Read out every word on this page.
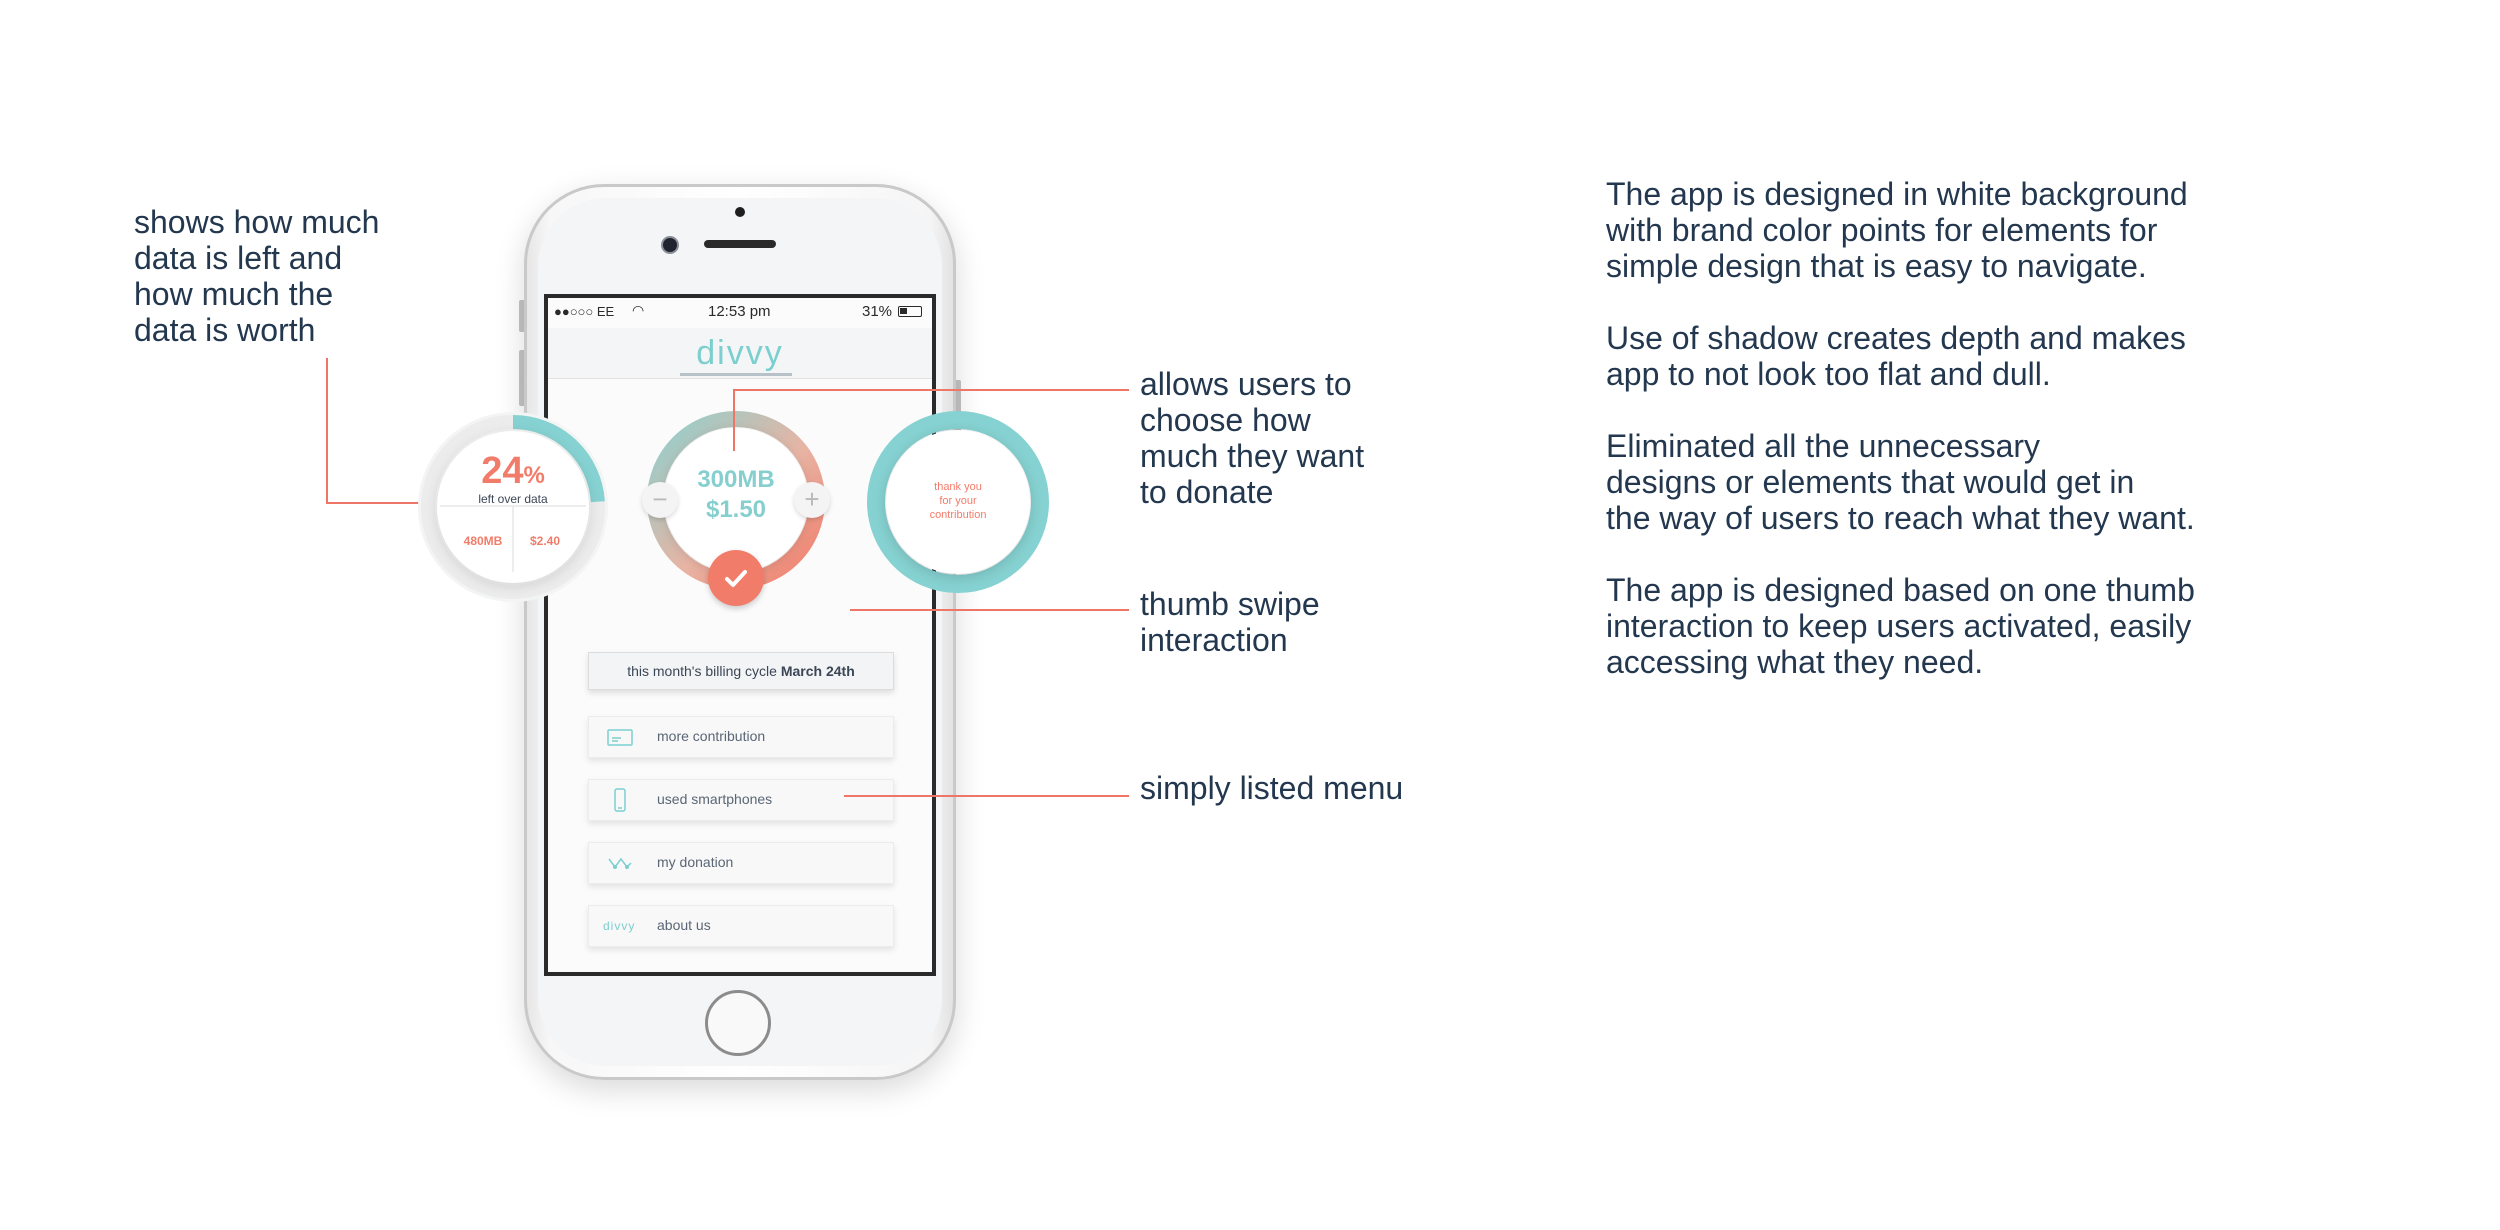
shows how much
data is left and
how much the
data is worth
●●○○○ EE ◠	12:53 pm	31%
divvy
this month's billing cycle March 24th
more contribution
used smartphones
my donation
divvy about us
24%
left over data
480MB	$2.40
300MB
$1.50
−	+	thank you
for your
contribution
allows users to
choose how
much they want
to donate
thumb swipe
interaction
simply listed menu

The app is designed in white background
with brand color points for elements for
simple design that is easy to navigate.

Use of shadow creates depth and makes
app to not look too flat and dull.

Eliminated all the unnecessary
designs or elements that would get in
the way of users to reach what they want.

The app is designed based on one thumb
interaction to keep users activated, easily
accessing what they need.
